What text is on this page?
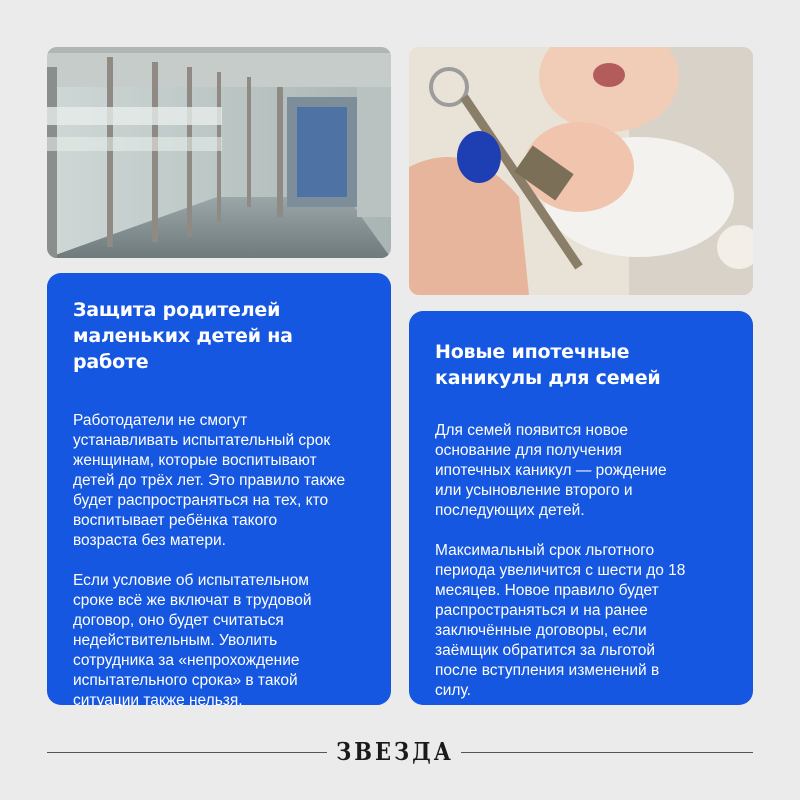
Защита родителей
маленьких детей на
работе
Работодатели не смогут
устанавливать испытательный срок
женщинам, которые воспитывают
детей до трёх лет. Это правило также
будет распространяться на тех, кто
воспитывает ребёнка такого
возраста без матери.
Если условие об испытательном
сроке всё же включат в трудовой
договор, оно будет считаться
недействительным. Уволить
сотрудника за «непрохождение
испытательного срока» в такой
ситуации также нельзя.
Новые ипотечные
каникулы для семей
Для семей появится новое
основание для получения
ипотечных каникул — рождение
или усыновление второго и
последующих детей.
Максимальный срок льготного
периода увеличится с шести до 18
месяцев. Новое правило будет
распространяться и на ранее
заключённые договоры, если
заёмщик обратится за льготой
после вступления изменений в
силу.
ЗВЕЗДА
